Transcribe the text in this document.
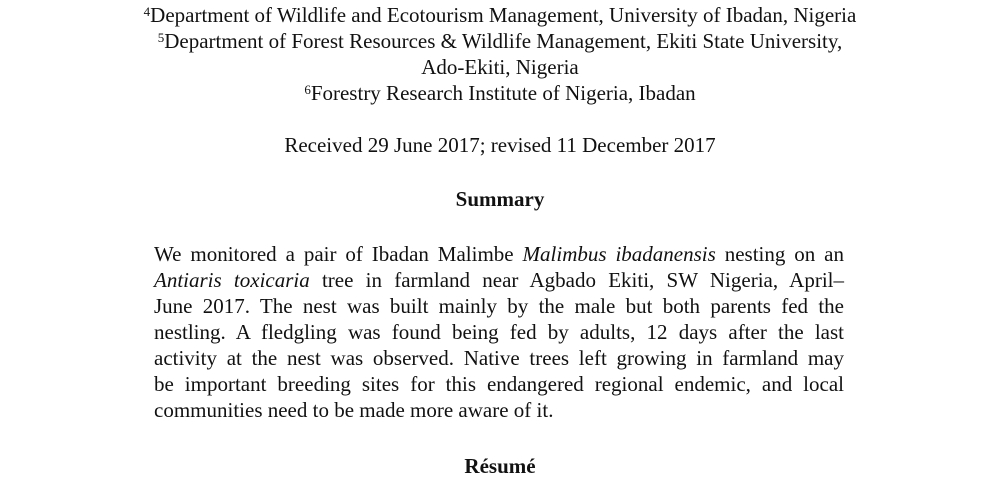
$^4$Department of Wildlife and Ecotourism Management, University of Ibadan, Nigeria
$^5$Department of Forest Resources & Wildlife Management, Ekiti State University,
Ado-Ekiti, Nigeria
$^6$Forestry Research Institute of Nigeria, Ibadan
Received 29 June 2017; revised 11 December 2017
Summary
We monitored a pair of Ibadan Malimbe Malimbus ibadanensis nesting on an
Antiaris toxicaria tree in farmland near Agbado Ekiti, SW Nigeria, April–
June 2017. The nest was built mainly by the male but both parents fed the
nestling. A fledgling was found being fed by adults, 12 days after the last
activity at the nest was observed. Native trees left growing in farmland may
be important breeding sites for this endangered regional endemic, and local
communities need to be made more aware of it.
Résumé
